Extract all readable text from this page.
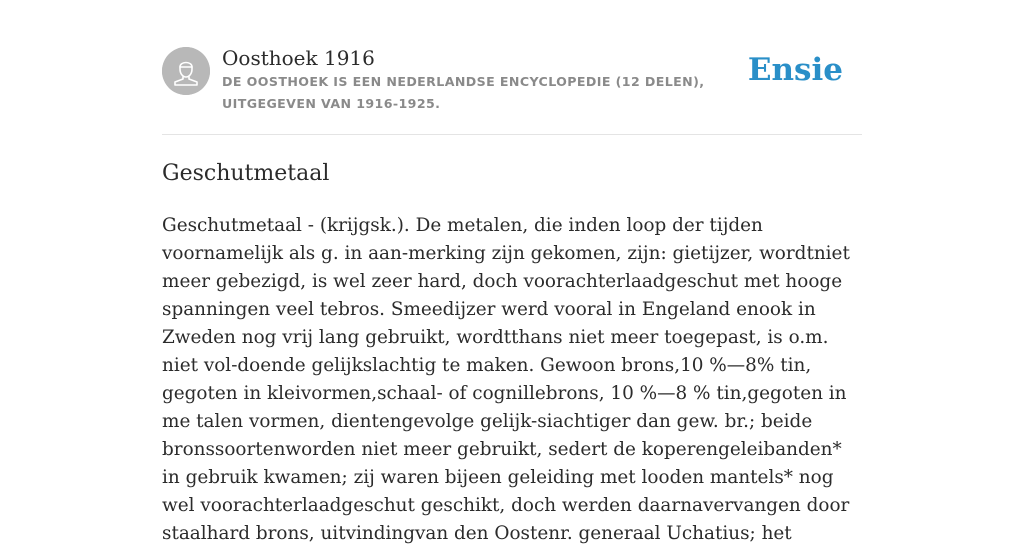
Oosthoek 1916
DE OOSTHOEK IS EEN NEDERLANDSE ENCYCLOPEDIE (12 DELEN), UITGEGEVEN VAN 1916-1925.
Ensie
Geschutmetaal

Geschutmetaal - (krijgsk.). De metalen, die inden loop der tijden voornamelijk als g. in aan-merking zijn gekomen, zijn: gietijzer, wordtniet meer gebezigd, is wel zeer hard, doch voorachterlaadgeschut met hooge spanningen veel tebros. Smeedijzer werd vooral in Engeland enook in Zweden nog vrij lang gebruikt, wordtthans niet meer toegepast, is o.m. niet vol-doende gelijkslachtig te maken. Gewoon brons,10 %—8% tin, gegoten in kleivormen,schaal- of cognillebrons, 10 %—8 % tin,gegoten in me talen vormen, dientengevolge gelijk-siachtiger dan gew. br.; beide bronssoortenworden niet meer gebruikt, sedert de koperengeleibanden* in gebruik kwamen; zij waren bijeen geleiding met looden mantels* nog wel voorachterlaadgeschut geschikt, doch werden daarnavervangen door staalhard brons, uitvindingvan den Oostenr. generaal Uchatius; het
